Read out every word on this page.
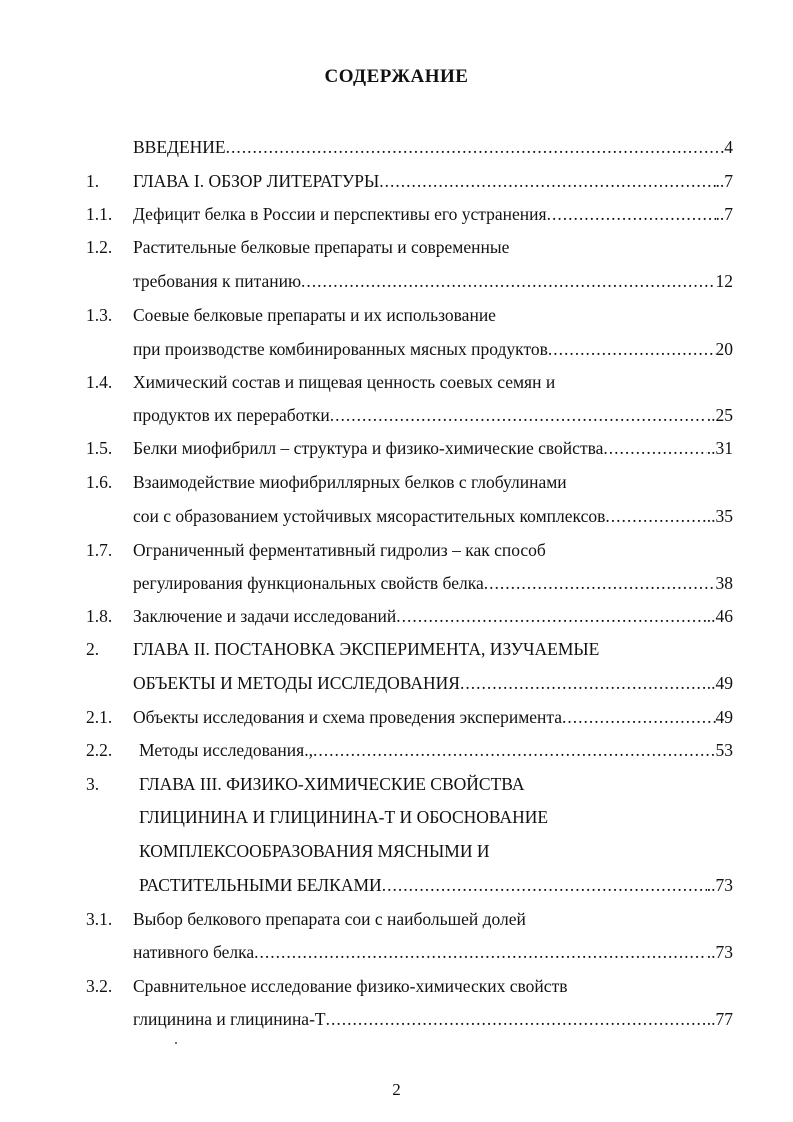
СОДЕРЖАНИЕ
ВВЕДЕНИЕ .....	4
1.	ГЛАВА I. ОБЗОР ЛИТЕРАТУРЫ .....	..7
1.1.	Дефицит белка в России и перспективы его устранения .....	..7
1.2.	Растительные белковые препараты и современные
требования к питанию .....	12
1.3.	Соевые белковые препараты и их использование
при производстве комбинированных мясных продуктов .....	20
1.4.	Химический состав и пищевая ценность соевых семян и
продуктов их переработки .....	..25
1.5.	Белки миофибрилл – структура и физико-химические свойства .....	..31
1.6.	Взаимодействие миофибриллярных белков с глобулинами
сои с образованием устойчивых мясорастительных комплексов .....	..35
1.7.	Ограниченный ферментативный гидролиз – как способ
регулирования функциональных свойств белка .....	38
1.8.	Заключение и задачи исследований .....	..46
2.	ГЛАВА II. ПОСТАНОВКА ЭКСПЕРИМЕНТА, ИЗУЧАЕМЫЕ
ОБЪЕКТЫ И МЕТОДЫ ИССЛЕДОВАНИЯ .....	..49
2.1.	Объекты исследования и схема проведения эксперимента .....	49
2.2.	Методы исследования., .....	53
3.	ГЛАВА III. ФИЗИКО-ХИМИЧЕСКИЕ СВОЙСТВА
ГЛИЦИНИНА И ГЛИЦИНИНА-Т И ОБОСНОВАНИЕ
КОМПЛЕКСООБРАЗОВАНИЯ МЯСНЫМИ И
РАСТИТЕЛЬНЫМИ БЕЛКАМИ .....	..73
3.1.	Выбор белкового препарата сои с наибольшей долей
нативного белка .....	..73
3.2.	Сравнительное исследование физико-химических свойств
глицинина и глицинина-Т .....	..77
2
